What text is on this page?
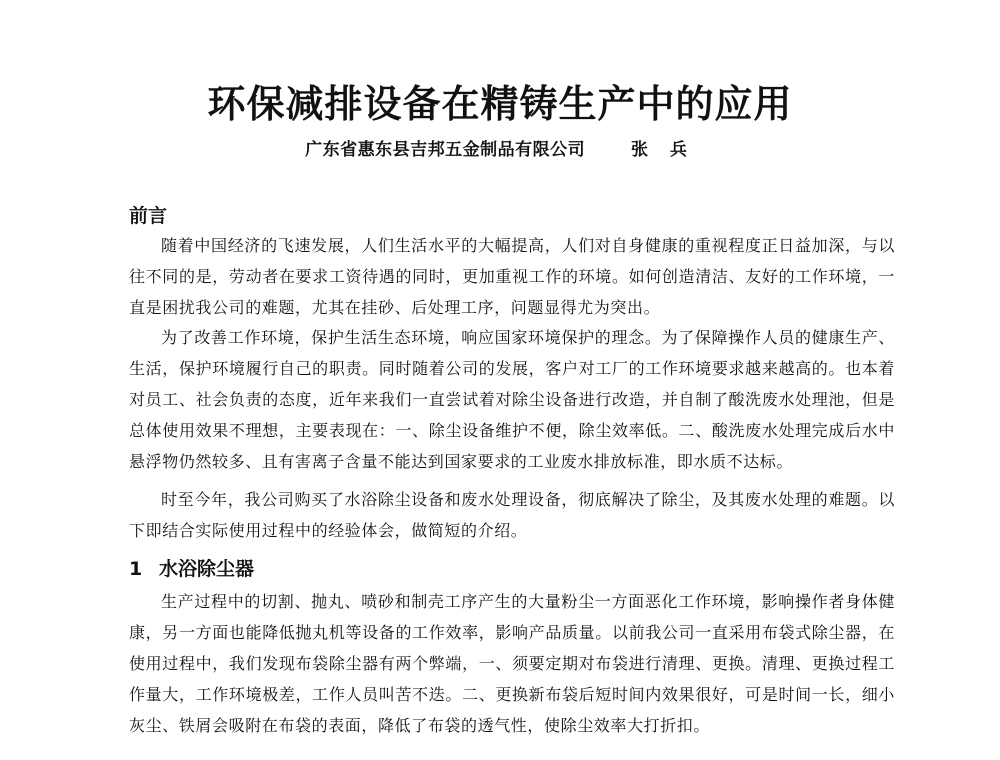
环保减排设备在精铸生产中的应用
广东省惠东县吉邦五金制品有限公司	张 兵
前言

随着中国经济的飞速发展，人们生活水平的大幅提高，人们对自身健康的重视程度正日益加深，与以往不同的是，劳动者在要求工资待遇的同时，更加重视工作的环境。如何创造清洁、友好的工作环境，一直是困扰我公司的难题，尤其在挂砂、后处理工序，问题显得尤为突出。

为了改善工作环境，保护生活生态环境，响应国家环境保护的理念。为了保障操作人员的健康生产、生活，保护环境履行自己的职责。同时随着公司的发展，客户对工厂的工作环境要求越来越高的。也本着对员工、社会负责的态度，近年来我们一直尝试着对除尘设备进行改造，并自制了酸洗废水处理池，但是总体使用效果不理想，主要表现在：一、除尘设备维护不便，除尘效率低。二、酸洗废水处理完成后水中悬浮物仍然较多、且有害离子含量不能达到国家要求的工业废水排放标准，即水质不达标。

时至今年，我公司购买了水浴除尘设备和废水处理设备，彻底解决了除尘，及其废水处理的难题。以下即结合实际使用过程中的经验体会，做简短的介绍。

1 水浴除尘器

生产过程中的切割、抛丸、喷砂和制壳工序产生的大量粉尘一方面恶化工作环境，影响操作者身体健康，另一方面也能降低抛丸机等设备的工作效率，影响产品质量。以前我公司一直采用布袋式除尘器，在使用过程中，我们发现布袋除尘器有两个弊端，一、须要定期对布袋进行清理、更换。清理、更换过程工作量大，工作环境极差，工作人员叫苦不迭。二、更换新布袋后短时间内效果很好，可是时间一长，细小灰尘、铁屑会吸附在布袋的表面，降低了布袋的透气性，使除尘效率大打折扣。
